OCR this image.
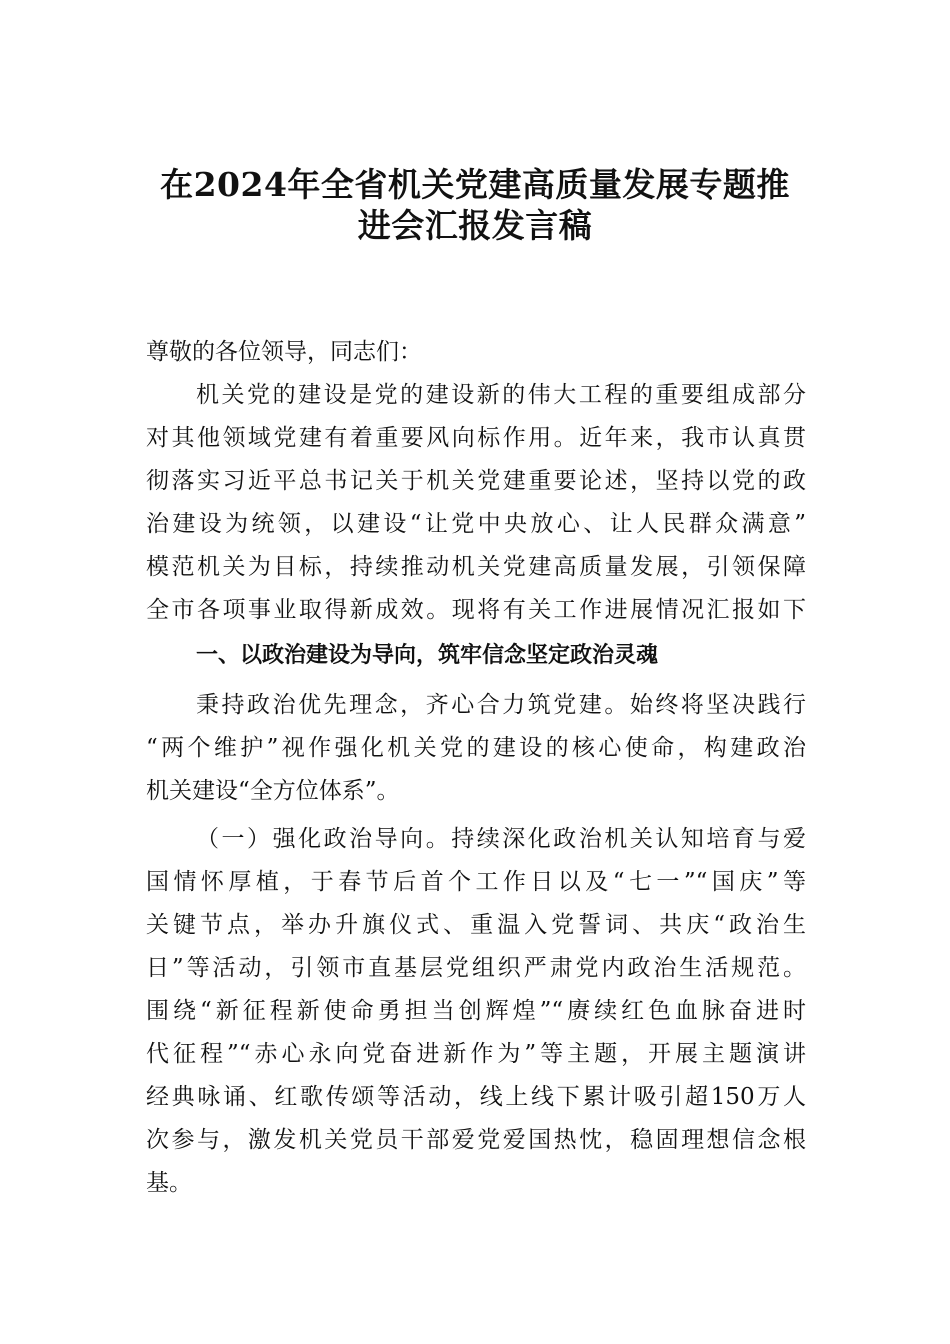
在2024年全省机关党建高质量发展专题推
进会汇报发言稿
尊敬的各位领导，同志们：
机关党的建设是党的建设新的伟大工程的重要组成部分
对其他领域党建有着重要风向标作用。近年来，我市认真贯
彻落实习近平总书记关于机关党建重要论述，坚持以党的政
治建设为统领，以建设“让党中央放心、让人民群众满意”
模范机关为目标，持续推动机关党建高质量发展，引领保障
全市各项事业取得新成效。现将有关工作进展情况汇报如下
一、以政治建设为导向，筑牢信念坚定政治灵魂
秉持政治优先理念，齐心合力筑党建。始终将坚决践行
“两个维护”视作强化机关党的建设的核心使命，构建政治
机关建设“全方位体系”。
（一）强化政治导向。持续深化政治机关认知培育与爱
国情怀厚植，于春节后首个工作日以及“七一”“国庆”等
关键节点，举办升旗仪式、重温入党誓词、共庆“政治生
日”等活动，引领市直基层党组织严肃党内政治生活规范。
围绕“新征程新使命勇担当创辉煌”“赓续红色血脉奋进时
代征程”“赤心永向党奋进新作为”等主题，开展主题演讲
经典咏诵、红歌传颂等活动，线上线下累计吸引超150万人
次参与，激发机关党员干部爱党爱国热忱，稳固理想信念根
基。
